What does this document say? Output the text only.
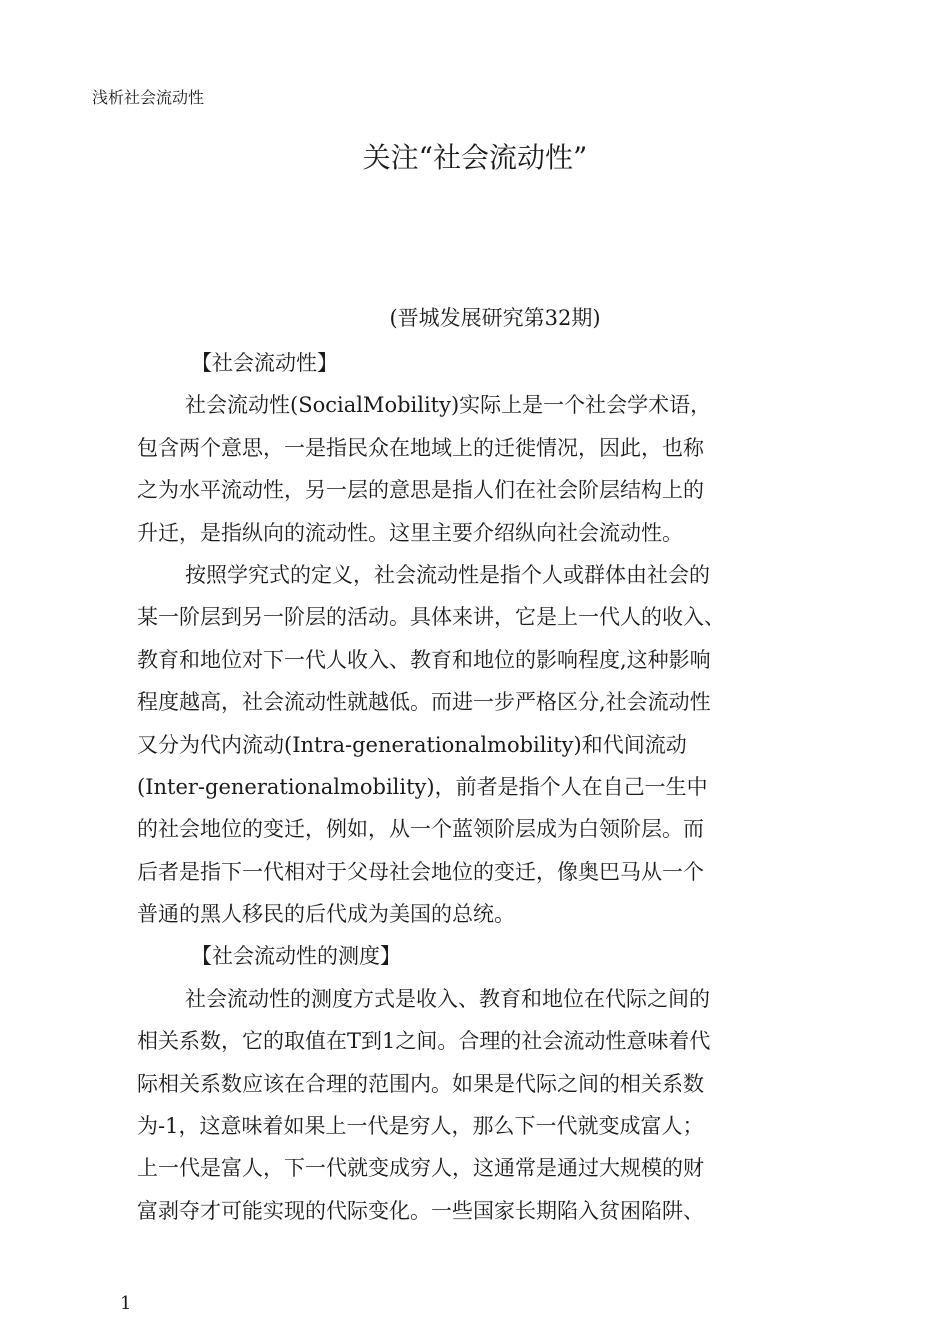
浅析社会流动性
关注“社会流动性”
(晋城发展研究第32期)
【社会流动性】
社会流动性(SocialMobility)实际上是一个社会学术语，
包含两个意思，一是指民众在地域上的迁徙情况，因此，也称
之为水平流动性，另一层的意思是指人们在社会阶层结构上的
升迁，是指纵向的流动性。这里主要介绍纵向社会流动性。
按照学究式的定义，社会流动性是指个人或群体由社会的
某一阶层到另一阶层的活动。具体来讲，它是上一代人的收入、
教育和地位对下一代人收入、教育和地位的影响程度,这种影响
程度越高，社会流动性就越低。而进一步严格区分,社会流动性
又分为代内流动(Intra-generationalmobility)和代间流动
(Inter-generationalmobility)，前者是指个人在自己一生中
的社会地位的变迁，例如，从一个蓝领阶层成为白领阶层。而
后者是指下一代相对于父母社会地位的变迁，像奥巴马从一个
普通的黑人移民的后代成为美国的总统。
【社会流动性的测度】
社会流动性的测度方式是收入、教育和地位在代际之间的
相关系数，它的取值在T到1之间。合理的社会流动性意味着代
际相关系数应该在合理的范围内。如果是代际之间的相关系数
为-1，这意味着如果上一代是穷人，那么下一代就变成富人；
上一代是富人，下一代就变成穷人，这通常是通过大规模的财
富剥夺才可能实现的代际变化。一些国家长期陷入贫困陷阱、
1
